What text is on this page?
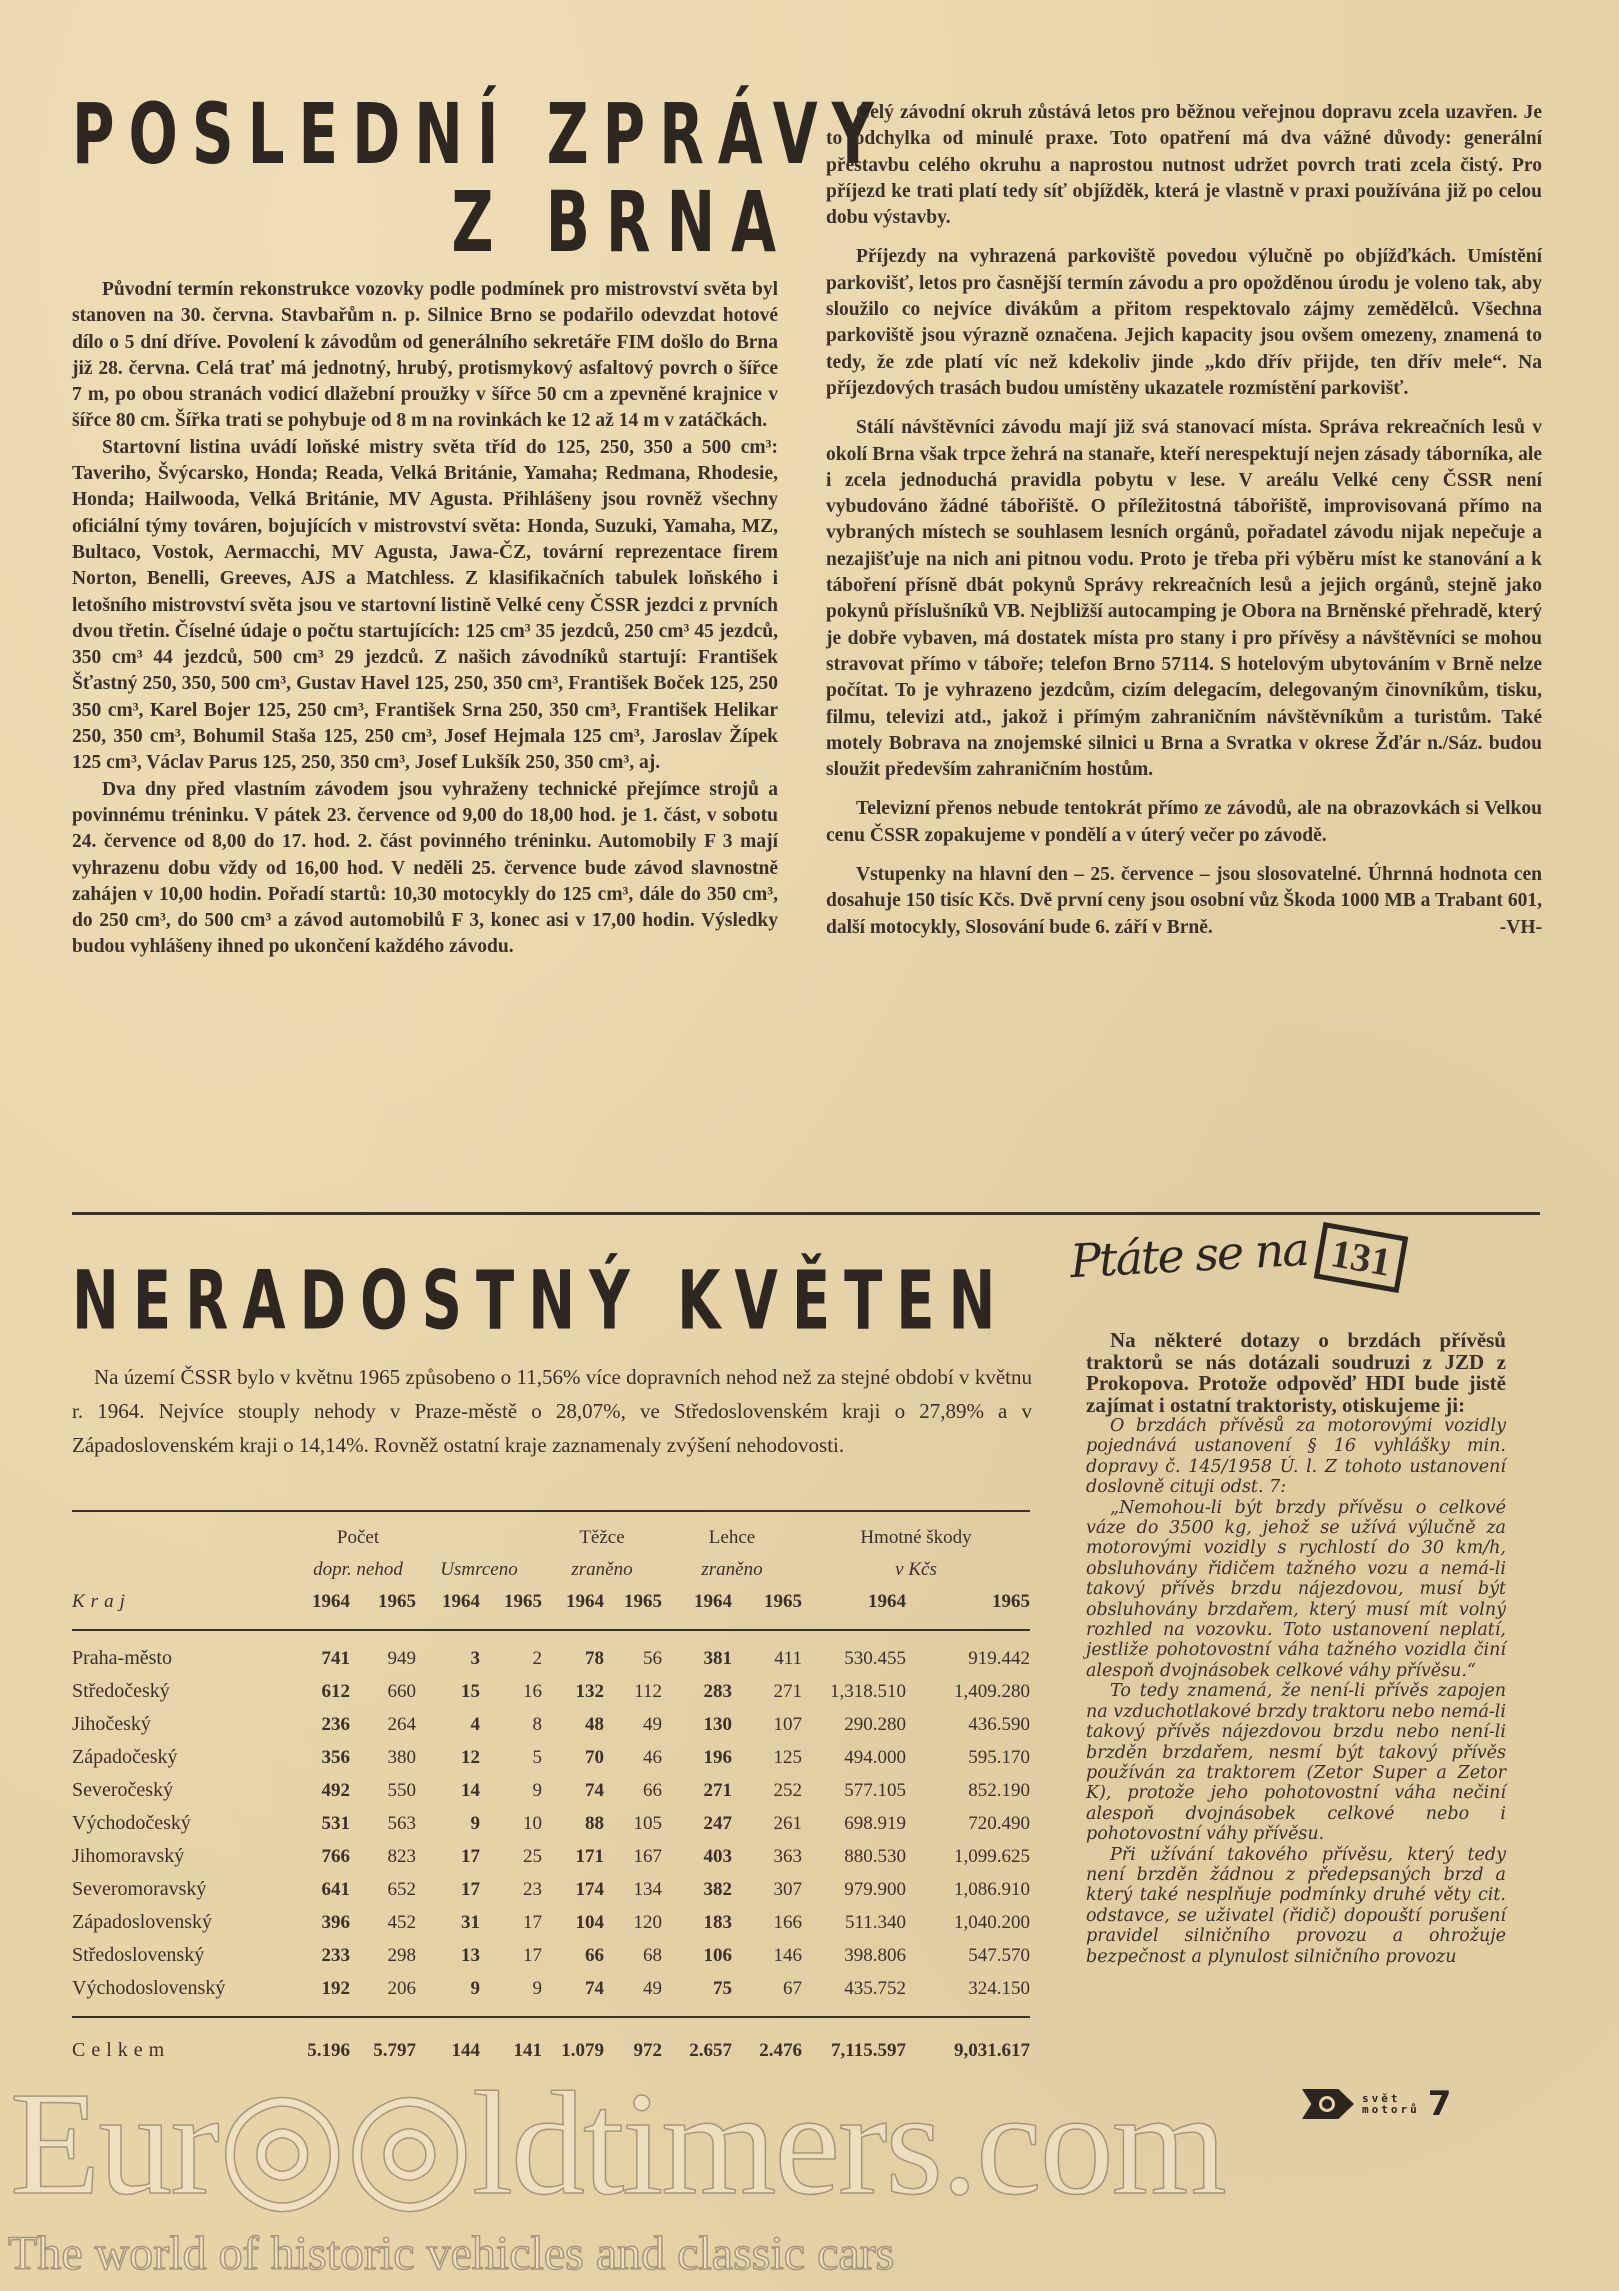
POSLEDNÍ ZPRÁVY
Z BRNA

Původní termín rekonstrukce vozovky podle podmínek pro mistrovství světa byl stanoven na 30. června. Stavbařům n. p. Silnice Brno se podařilo odevzdat hotové dílo o 5 dní dříve. Povolení k závodům od generálního sekretáře FIM došlo do Brna již 28. června. Celá trať má jednotný, hrubý, protismykový asfaltový povrch o šířce 7 m, po obou stranách vodicí dlažební proužky v šířce 50 cm a zpevněné krajnice v šířce 80 cm. Šířka trati se pohybuje od 8 m na rovinkách ke 12 až 14 m v zatáčkách.

Startovní listina uvádí loňské mistry světa tříd do 125, 250, 350 a 500 cm³: Taveriho, Švýcarsko, Honda; Reada, Velká Británie, Yamaha; Redmana, Rhodesie, Honda; Hailwooda, Velká Británie, MV Agusta. Přihlášeny jsou rovněž všechny oficiální týmy továren, bojujících v mistrovství světa: Honda, Suzuki, Yamaha, MZ, Bultaco, Vostok, Aermacchi, MV Agusta, Jawa-ČZ, tovární reprezentace firem Norton, Benelli, Greeves, AJS a Matchless. Z klasifikačních tabulek loňského i letošního mistrovství světa jsou ve startovní listině Velké ceny ČSSR jezdci z prvních dvou třetin. Číselné údaje o počtu startujících: 125 cm³ 35 jezdců, 250 cm³ 45 jezdců, 350 cm³ 44 jezdců, 500 cm³ 29 jezdců. Z našich závodníků startují: František Šťastný 250, 350, 500 cm³, Gustav Havel 125, 250, 350 cm³, František Boček 125, 250 350 cm³, Karel Bojer 125, 250 cm³, František Srna 250, 350 cm³, František Helikar 250, 350 cm³, Bohumil Staša 125, 250 cm³, Josef Hejmala 125 cm³, Jaroslav Žípek 125 cm³, Václav Parus 125, 250, 350 cm³, Josef Lukšík 250, 350 cm³, aj.

Dva dny před vlastním závodem jsou vyhraženy technické přejímce strojů a povinnému tréninku. V pátek 23. července od 9,00 do 18,00 hod. je 1. část, v sobotu 24. července od 8,00 do 17. hod. 2. část povinného tréninku. Automobily F 3 mají vyhrazenu dobu vždy od 16,00 hod. V neděli 25. července bude závod slavnostně zahájen v 10,00 hodin. Pořadí startů: 10,30 motocykly do 125 cm³, dále do 350 cm³, do 250 cm³, do 500 cm³ a závod automobilů F 3, konec asi v 17,00 hodin. Výsledky budou vyhlášeny ihned po ukončení každého závodu.

Celý závodní okruh zůstává letos pro běžnou veřejnou dopravu zcela uzavřen. Je to odchylka od minulé praxe. Toto opatření má dva vážné důvody: generální přestavbu celého okruhu a naprostou nutnost udržet povrch trati zcela čistý. Pro příjezd ke trati platí tedy síť objížděk, která je vlastně v praxi používána již po celou dobu výstavby.

Příjezdy na vyhrazená parkoviště povedou výlučně po objížďkách. Umístění parkovišť, letos pro časnější termín závodu a pro opožděnou úrodu je voleno tak, aby sloužilo co nejvíce divákům a přitom respektovalo zájmy zemědělců. Všechna parkoviště jsou výrazně označena. Jejich kapacity jsou ovšem omezeny, znamená to tedy, že zde platí víc než kdekoliv jinde „kdo dřív přijde, ten dřív mele“. Na příjezdových trasách budou umístěny ukazatele rozmístění parkovišť.

Stálí návštěvníci závodu mají již svá stanovací místa. Správa rekreačních lesů v okolí Brna však trpce žehrá na stanaře, kteří nerespektují nejen zásady táborníka, ale i zcela jednoduchá pravidla pobytu v lese. V areálu Velké ceny ČSSR není vybudováno žádné tábořiště. O příležitostná tábořiště, improvisovaná přímo na vybraných místech se souhlasem lesních orgánů, pořadatel závodu nijak nepečuje a nezajišťuje na nich ani pitnou vodu. Proto je třeba při výběru míst ke stanování a k táboření přísně dbát pokynů Správy rekreačních lesů a jejich orgánů, stejně jako pokynů příslušníků VB. Nejbližší autocamping je Obora na Brněnské přehradě, který je dobře vybaven, má dostatek místa pro stany i pro přívěsy a návštěvníci se mohou stravovat přímo v táboře; telefon Brno 57114. S hotelovým ubytováním v Brně nelze počítat. To je vyhrazeno jezdcům, cizím delegacím, delegovaným činovníkům, tisku, filmu, televizi atd., jakož i přímým zahraničním návštěvníkům a turistům. Také motely Bobrava na znojemské silnici u Brna a Svratka v okrese Žďár n./Sáz. budou sloužit především zahraničním hostům.

Televizní přenos nebude tentokrát přímo ze závodů, ale na obrazovkách si Velkou cenu ČSSR zopakujeme v pondělí a v úterý večer po závodě.

Vstupenky na hlavní den – 25. července – jsou slosovatelné. Úhrnná hodnota cen dosahuje 150 tisíc Kčs. Dvě první ceny jsou osobní vůz Škoda 1000 MB a Trabant 601, další motocykly, Slosování bude 6. září v Brně.	-VH-
NERADOSTNÝ KVĚTEN
Na území ČSSR bylo v květnu 1965 způsobeno o 11,56% více dopravních nehod než za stejné období v květnu r. 1964. Nejvíce stouply nehody v Praze-městě o 28,07%, ve Středoslovenském kraji o 27,89% a v Západoslovenském kraji o 14,14%. Rovněž ostatní kraje zaznamenaly zvýšení nehodovosti.
	Počet				Těžce		Lehce		Hmotné škody	
	dopr. nehod		Usmrceno		zraněno		zraněno		v Kčs	
Kraj	1964	1965	1964	1965	1964	1965	1964	1965	1964	1965

Praha-město	741	949	3	2	78	56	381	411	530.455	919.442
Středočeský	612	660	15	16	132	112	283	271	1,318.510	1,409.280
Jihočeský	236	264	4	8	48	49	130	107	290.280	436.590
Západočeský	356	380	12	5	70	46	196	125	494.000	595.170
Severočeský	492	550	14	9	74	66	271	252	577.105	852.190
Východočeský	531	563	9	10	88	105	247	261	698.919	720.490
Jihomoravský	766	823	17	25	171	167	403	363	880.530	1,099.625
Severomoravský	641	652	17	23	174	134	382	307	979.900	1,086.910
Západoslovenský	396	452	31	17	104	120	183	166	511.340	1,040.200
Středoslovenský	233	298	13	17	66	68	106	146	398.806	547.570
Východoslovenský	192	206	9	9	74	49	75	67	435.752	324.150
Celkem	5.196	5.797	144	141	1.079	972	2.657	2.476	7,115.597	9,031.617
Ptáte se na 131

Na některé dotazy o brzdách přívěsů traktorů se nás dotázali soudruzi z JZD z Prokopova. Protože odpověď HDI bude jistě zajímat i ostatní traktoristy, otiskujeme ji:

O brzdách přívěsů za motorovými vozidly pojednává ustanovení § 16 vyhlášky min. dopravy č. 145/1958 Ú. l. Z tohoto ustanovení doslovně cituji odst. 7:

„Nemohou-li být brzdy přívěsu o celkové váze do 3500 kg, jehož se užívá výlučně za motorovými vozidly s rychlostí do 30 km/h, obsluhovány řidičem tažného vozu a nemá-li takový přívěs brzdu nájezdovou, musí být obsluhovány brzdařem, který musí mít volný rozhled na vozovku. Toto ustanovení neplatí, jestliže pohotovostní váha tažného vozidla činí alespoň dvojnásobek celkové váhy přívěsu.“

To tedy znamená, že není-li přívěs zapojen na vzduchotlakové brzdy traktoru nebo nemá-li takový přívěs nájezdovou brzdu nebo není-li brzděn brzdařem, nesmí být takový přívěs používán za traktorem (Zetor Super a Zetor K), protože jeho pohotovostní váha nečiní alespoň dvojnásobek celkové nebo i pohotovostní váhy přívěsu.

Při užívání takového přívěsu, který tedy není brzděn žádnou z předepsaných brzd a který také nesplňuje podmínky druhé věty cit. odstavce, se uživatel (řidič) dopouští porušení pravidel silničního provozu a ohrožuje bezpečnost a plynulost silničního provozu

svět
motorů 7
Eur◎◎ldtimers.com
The world of historic vehicles and classic cars
